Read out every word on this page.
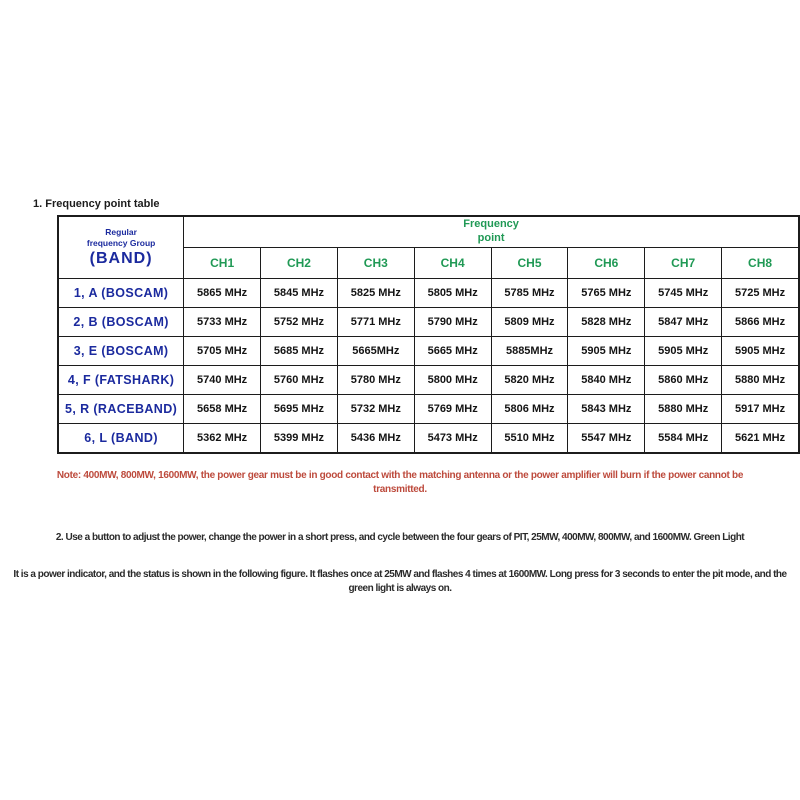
1. Frequency point table
Regular
frequency Group
(BAND)
	Frequency
point
	CH1	CH2	CH3	CH4	CH5	CH6	CH7	CH8
1, A (BOSCAM)	5865 MHz	5845 MHz	5825 MHz	5805 MHz	5785 MHz	5765 MHz	5745 MHz	5725 MHz
2, B (BOSCAM)	5733 MHz	5752 MHz	5771 MHz	5790 MHz	5809 MHz	5828 MHz	5847 MHz	5866 MHz
3, E (BOSCAM)	5705 MHz	5685 MHz	5665MHz	5665 MHz	5885MHz	5905 MHz	5905 MHz	5905 MHz
4, F (FATSHARK)	5740 MHz	5760 MHz	5780 MHz	5800 MHz	5820 MHz	5840 MHz	5860 MHz	5880 MHz
5, R (RACEBAND)	5658 MHz	5695 MHz	5732 MHz	5769 MHz	5806 MHz	5843 MHz	5880 MHz	5917 MHz
6, L (BAND)	5362 MHz	5399 MHz	5436 MHz	5473 MHz	5510 MHz	5547 MHz	5584 MHz	5621 MHz
Note: 400MW, 800MW, 1600MW, the power gear must be in good contact with the matching antenna or the power amplifier will burn if the power cannot be transmitted.
2. Use a button to adjust the power, change the power in a short press, and cycle between the four gears of PIT, 25MW, 400MW, 800MW, and 1600MW. Green Light
It is a power indicator, and the status is shown in the following figure. It flashes once at 25MW and flashes 4 times at 1600MW. Long press for 3 seconds to enter the pit mode, and the green light is always on.
